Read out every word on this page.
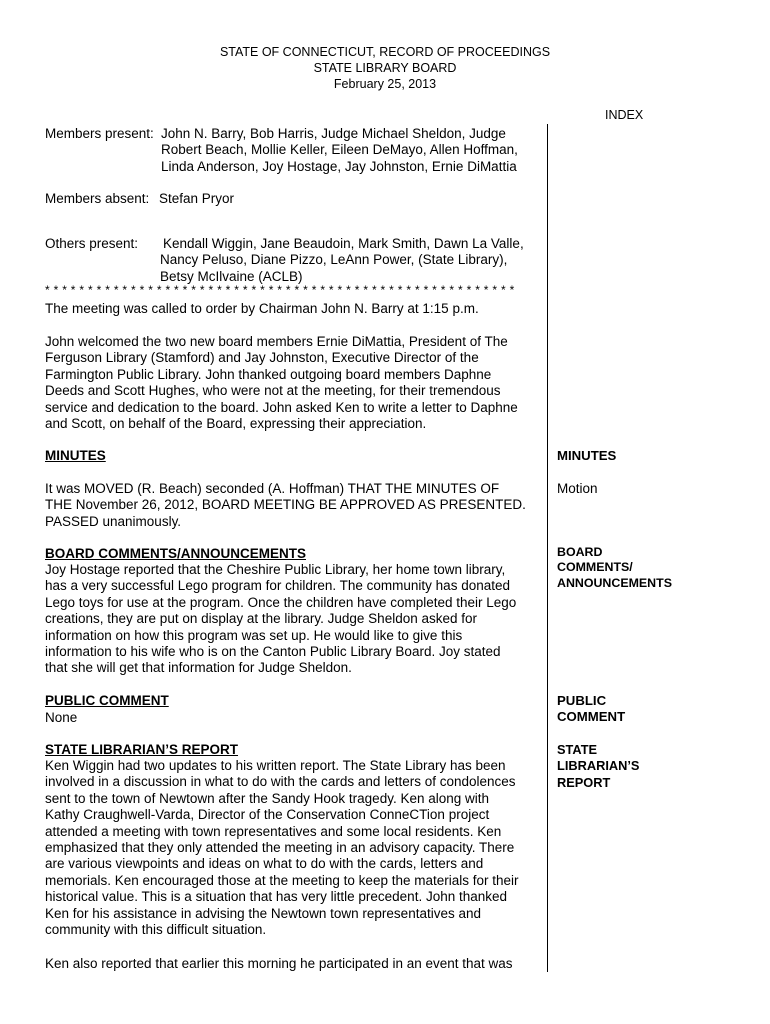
STATE OF CONNECTICUT, RECORD OF PROCEEDINGS
STATE LIBRARY BOARD
February 25, 2013
INDEX
Members present: John N. Barry, Bob Harris, Judge Michael Sheldon, Judge
Robert Beach, Mollie Keller, Eileen DeMayo, Allen Hoffman,
Linda Anderson, Joy Hostage, Jay Johnston, Ernie DiMattia
Members absent: Stefan Pryor
Others present: Kendall Wiggin, Jane Beaudoin, Mark Smith, Dawn La Valle,
Nancy Peluso, Diane Pizzo, LeAnn Power, (State Library),
Betsy McIlvaine (ACLB)
* * * * * * * * * * * * * * * * * * * * * * * * * * * * * * * * * * * * * * * * * * * * * * * * * * * * * * *
The meeting was called to order by Chairman John N. Barry at 1:15 p.m.
John welcomed the two new board members Ernie DiMattia, President of The
Ferguson Library (Stamford) and Jay Johnston, Executive Director of the
Farmington Public Library. John thanked outgoing board members Daphne
Deeds and Scott Hughes, who were not at the meeting, for their tremendous
service and dedication to the board. John asked Ken to write a letter to Daphne
and Scott, on behalf of the Board, expressing their appreciation.
MINUTES
It was MOVED (R. Beach) seconded (A. Hoffman) THAT THE MINUTES OF
THE November 26, 2012, BOARD MEETING BE APPROVED AS PRESENTED.
PASSED unanimously.
MINUTES
Motion
BOARD COMMENTS/ANNOUNCEMENTS
Joy Hostage reported that the Cheshire Public Library, her home town library,
has a very successful Lego program for children. The community has donated
Lego toys for use at the program. Once the children have completed their Lego
creations, they are put on display at the library. Judge Sheldon asked for
information on how this program was set up. He would like to give this
information to his wife who is on the Canton Public Library Board. Joy stated
that she will get that information for Judge Sheldon.
BOARD
COMMENTS/
ANNOUNCEMENTS
PUBLIC COMMENT
None
PUBLIC
COMMENT
STATE LIBRARIAN’S REPORT
Ken Wiggin had two updates to his written report. The State Library has been
involved in a discussion in what to do with the cards and letters of condolences
sent to the town of Newtown after the Sandy Hook tragedy. Ken along with
Kathy Craughwell-Varda, Director of the Conservation ConneCTion project
attended a meeting with town representatives and some local residents. Ken
emphasized that they only attended the meeting in an advisory capacity. There
are various viewpoints and ideas on what to do with the cards, letters and
memorials. Ken encouraged those at the meeting to keep the materials for their
historical value. This is a situation that has very little precedent. John thanked
Ken for his assistance in advising the Newtown town representatives and
community with this difficult situation.
Ken also reported that earlier this morning he participated in an event that was
STATE
LIBRARIAN’S
REPORT
